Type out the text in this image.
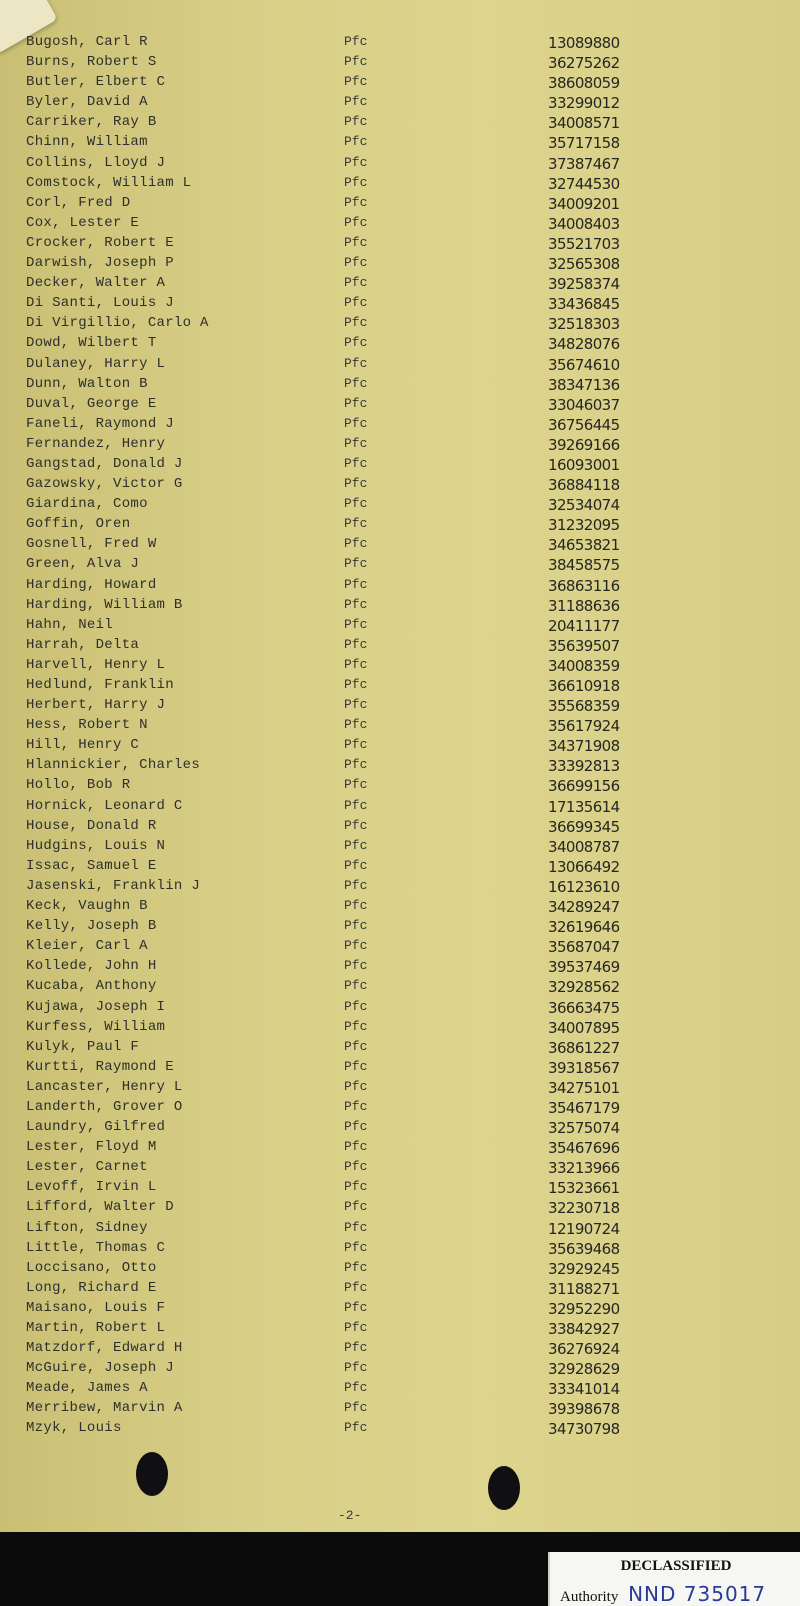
Bugosh, Carl R	Pfc	13089880
Burns, Robert S	Pfc	36275262
Butler, Elbert C	Pfc	38608059
Byler, David A	Pfc	33299012
Carriker, Ray B	Pfc	34008571
Chinn, William	Pfc	35717158
Collins, Lloyd J	Pfc	37387467
Comstock, William L	Pfc	32744530
Corl, Fred D	Pfc	34009201
Cox, Lester E	Pfc	34008403
Crocker, Robert E	Pfc	35521703
Darwish, Joseph P	Pfc	32565308
Decker, Walter A	Pfc	39258374
Di Santi, Louis J	Pfc	33436845
Di Virgillio, Carlo A	Pfc	32518303
Dowd, Wilbert T	Pfc	34828076
Dulaney, Harry L	Pfc	35674610
Dunn, Walton B	Pfc	38347136
Duval, George E	Pfc	33046037
Faneli, Raymond J	Pfc	36756445
Fernandez, Henry	Pfc	39269166
Gangstad, Donald J	Pfc	16093001
Gazowsky, Victor G	Pfc	36884118
Giardina, Como	Pfc	32534074
Goffin, Oren	Pfc	31232095
Gosnell, Fred W	Pfc	34653821
Green, Alva J	Pfc	38458575
Harding, Howard	Pfc	36863116
Harding, William B	Pfc	31188636
Hahn, Neil	Pfc	20411177
Harrah, Delta	Pfc	35639507
Harvell, Henry L	Pfc	34008359
Hedlund, Franklin	Pfc	36610918
Herbert, Harry J	Pfc	35568359
Hess, Robert N	Pfc	35617924
Hill, Henry C	Pfc	34371908
Hlannickier, Charles	Pfc	33392813
Hollo, Bob R	Pfc	36699156
Hornick, Leonard C	Pfc	17135614
House, Donald R	Pfc	36699345
Hudgins, Louis N	Pfc	34008787
Issac, Samuel E	Pfc	13066492
Jasenski, Franklin J	Pfc	16123610
Keck, Vaughn B	Pfc	34289247
Kelly, Joseph B	Pfc	32619646
Kleier, Carl A	Pfc	35687047
Kollede, John H	Pfc	39537469
Kucaba, Anthony	Pfc	32928562
Kujawa, Joseph I	Pfc	36663475
Kurfess, William	Pfc	34007895
Kulyk, Paul F	Pfc	36861227
Kurtti, Raymond E	Pfc	39318567
Lancaster, Henry L	Pfc	34275101
Landerth, Grover O	Pfc	35467179
Laundry, Gilfred	Pfc	32575074
Lester, Floyd M	Pfc	35467696
Lester, Carnet	Pfc	33213966
Levoff, Irvin L	Pfc	15323661
Lifford, Walter D	Pfc	32230718
Lifton, Sidney	Pfc	12190724
Little, Thomas C	Pfc	35639468
Loccisano, Otto	Pfc	32929245
Long, Richard E	Pfc	31188271
Maisano, Louis F	Pfc	32952290
Martin, Robert L	Pfc	33842927
Matzdorf, Edward H	Pfc	36276924
McGuire, Joseph J	Pfc	32928629
Meade, James A	Pfc	33341014
Merribew, Marvin A	Pfc	39398678
Mzyk, Louis	Pfc	34730798
-2-
DECLASSIFIED
Authority NND 735017
